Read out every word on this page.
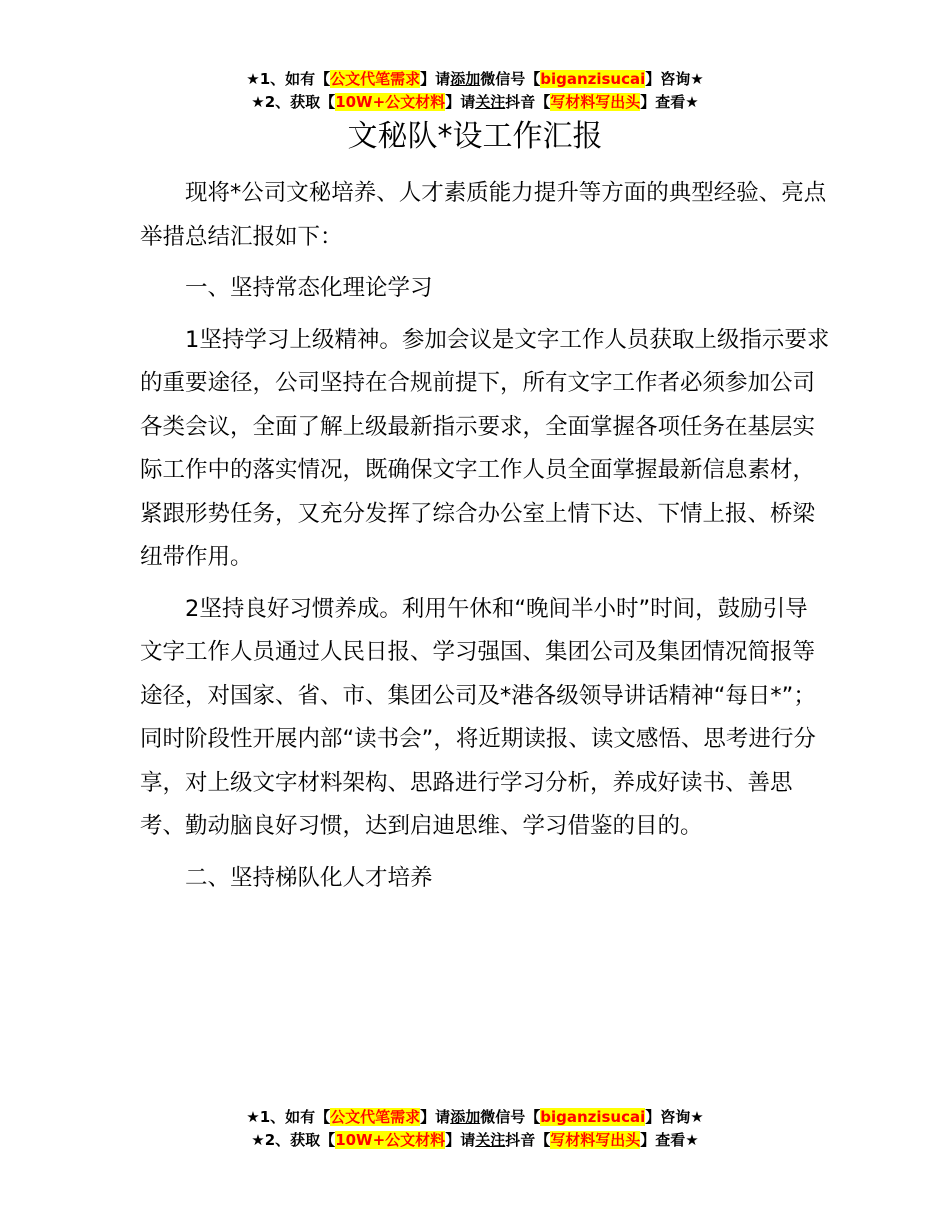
★1、如有【公文代笔需求】请添加微信号【biganzisucai】咨询★
★2、获取【10W+公文材料】请关注抖音【写材料写出头】查看★
文秘队*设工作汇报

现将*公司文秘培养、人才素质能力提升等方面的典型经验、亮点举措总结汇报如下：

一、坚持常态化理论学习

1坚持学习上级精神。参加会议是文字工作人员获取上级指示要求的重要途径，公司坚持在合规前提下，所有文字工作者必须参加公司各类会议，全面了解上级最新指示要求，全面掌握各项任务在基层实际工作中的落实情况，既确保文字工作人员全面掌握最新信息素材，紧跟形势任务，又充分发挥了综合办公室上情下达、下情上报、桥梁纽带作用。

2坚持良好习惯养成。利用午休和“晚间半小时”时间，鼓励引导文字工作人员通过人民日报、学习强国、集团公司及集团情况简报等途径，对国家、省、市、集团公司及*港各级领导讲话精神“每日*”；同时阶段性开展内部“读书会”，将近期读报、读文感悟、思考进行分享，对上级文字材料架构、思路进行学习分析，养成好读书、善思考、勤动脑良好习惯，达到启迪思维、学习借鉴的目的。

二、坚持梯队化人才培养

★1、如有【公文代笔需求】请添加微信号【biganzisucai】咨询★
★2、获取【10W+公文材料】请关注抖音【写材料写出头】查看★
